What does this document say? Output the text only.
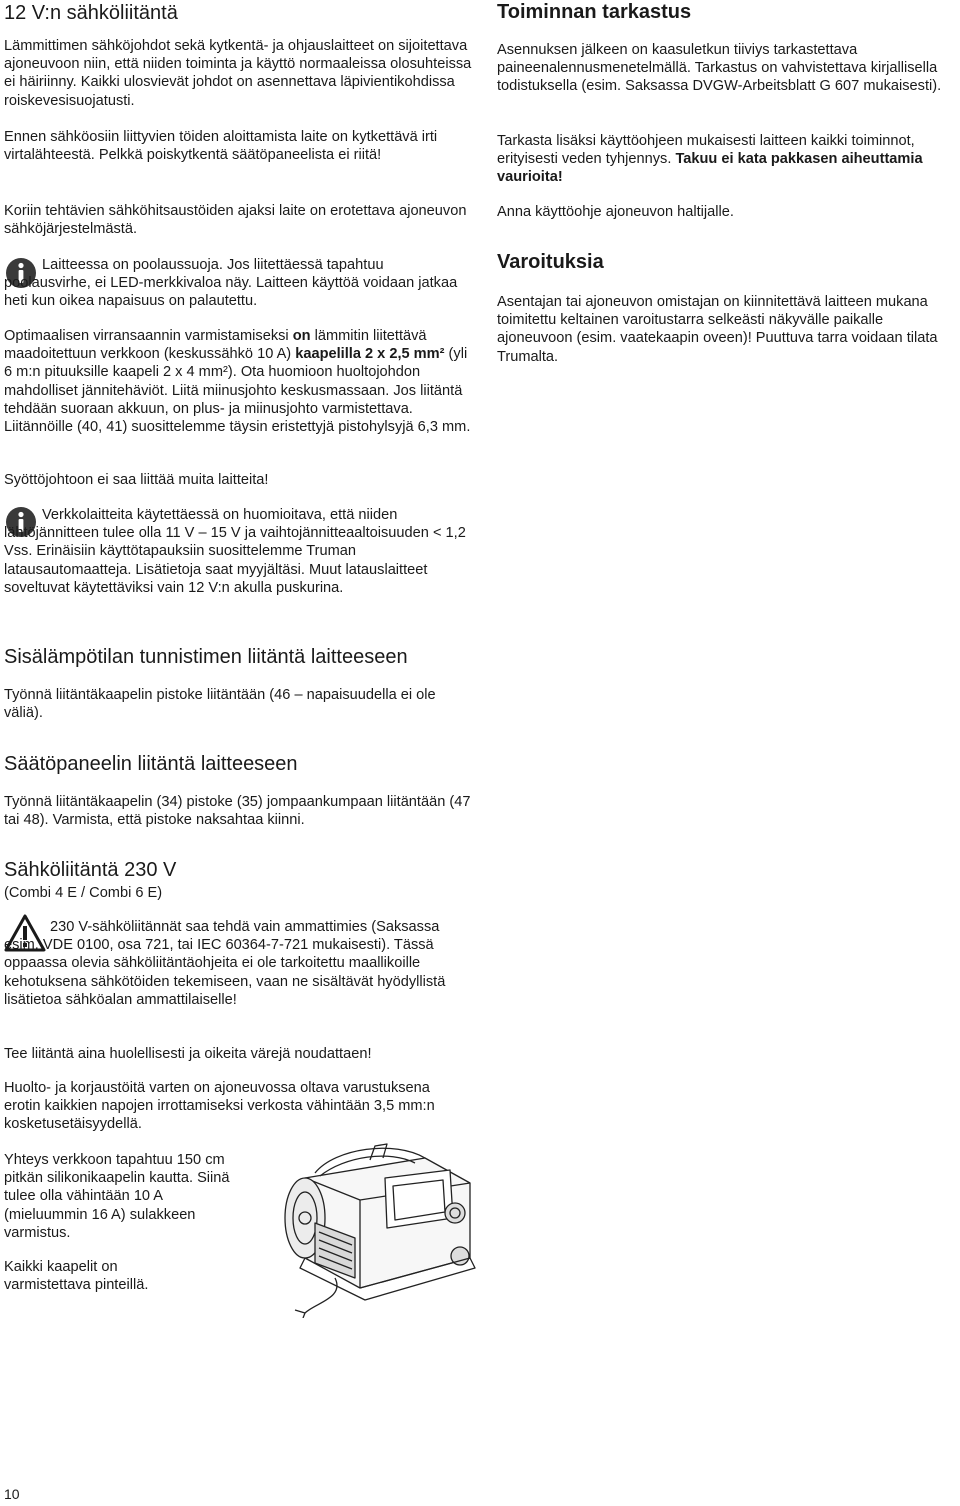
12 V:n sähköliitäntä

Lämmittimen sähköjohdot sekä kytkentä- ja ohjauslaitteet on sijoitettava ajoneuvoon niin, että niiden toiminta ja käyttö normaaleissa olosuhteissa ei häiriinny. Kaikki ulosvievät johdot on asennettava läpivientikohdissa roiskevesisuojatusti.

Ennen sähköosiin liittyvien töiden aloittamista laite on kytkettävä irti virtalähteestä. Pelkkä poiskytkentä säätöpaneelista ei riitä!

Koriin tehtävien sähköhitsaustöiden ajaksi laite on erotettava ajoneuvon sähköjärjestelmästä.

Laitteessa on poolaussuoja. Jos liitettäessä tapahtuu poolausvirhe, ei LED-merkkivaloa näy. Laitteen käyttöä voidaan jatkaa heti kun oikea napaisuus on palautettu.

Optimaalisen virransaannin varmistamiseksi on lämmitin liitettävä maadoitettuun verkkoon (keskussähkö 10 A) kaapelilla 2 x 2,5 mm² (yli 6 m:n pituuksille kaapeli 2 x 4 mm²). Ota huomioon huoltojohdon mahdolliset jännitehäviöt. Liitä miinusjohto keskusmassaan. Jos liitäntä tehdään suoraan akkuun, on plus- ja miinusjohto varmistettava. Liitännöille (40, 41) suosittelemme täysin eristettyjä pistohylsyjä 6,3 mm.

Syöttöjohtoon ei saa liittää muita laitteita!

Verkkolaitteita käytettäessä on huomioitava, että niiden lähtöjännitteen tulee olla 11 V – 15 V ja vaihtojännitteaaltoisuuden < 1,2 Vss. Erinäisiin käyttötapauksiin suosittelemme Truman latausautomaatteja. Lisätietoja saat myyjältäsi. Muut latauslaitteet soveltuvat käytettäviksi vain 12 V:n akulla puskurina.

Sisälämpötilan tunnistimen liitäntä laitteeseen

Työnnä liitäntäkaapelin pistoke liitäntään (46 – napaisuudella ei ole väliä).

Säätöpaneelin liitäntä laitteeseen

Työnnä liitäntäkaapelin (34) pistoke (35) jompaankumpaan liitäntään (47 tai 48). Varmista, että pistoke naksahtaa kiinni.

Sähköliitäntä 230 V

(Combi 4 E / Combi 6 E)

230 V-sähköliitännät saa tehdä vain ammattimies (Saksassa esim. VDE 0100, osa 721, tai IEC 60364-7-721 mukaisesti). Tässä oppaassa olevia sähköliitäntäohjeita ei ole tarkoitettu maallikoille kehotuksena sähkötöiden tekemiseen, vaan ne sisältävät hyödyllistä lisätietoa sähköalan ammattilaiselle!

Tee liitäntä aina huolellisesti ja oikeita värejä noudattaen!

Huolto- ja korjaustöitä varten on ajoneuvossa oltava varustuksena erotin kaikkien napojen irrottamiseksi verkosta vähintään 3,5 mm:n kosketusetäisyydellä.

Yhteys verkkoon tapahtuu 150 cm pitkän silikonikaapelin kautta. Siinä tulee olla vähintään 10 A (mieluummin 16 A) sulakkeen varmistus.

Kaikki kaapelit on varmistettava pinteillä.

Toiminnan tarkastus

Asennuksen jälkeen on kaasuletkun tiiviys tarkastettava paineenalennusmenetelmällä. Tarkastus on vahvistettava kirjallisella todistuksella (esim. Saksassa DVGW-Arbeitsblatt G 607 mukaisesti).

Tarkasta lisäksi käyttöohjeen mukaisesti laitteen kaikki toiminnot, erityisesti veden tyhjennys. Takuu ei kata pakkasen aiheuttamia vaurioita!

Anna käyttöohje ajoneuvon haltijalle.

Varoituksia

Asentajan tai ajoneuvon omistajan on kiinnitettävä laitteen mukana toimitettu keltainen varoitustarra selkeästi näkyvälle paikalle ajoneuvoon (esim. vaatekaapin oveen)! Puuttuva tarra voidaan tilata Trumalta.

10
